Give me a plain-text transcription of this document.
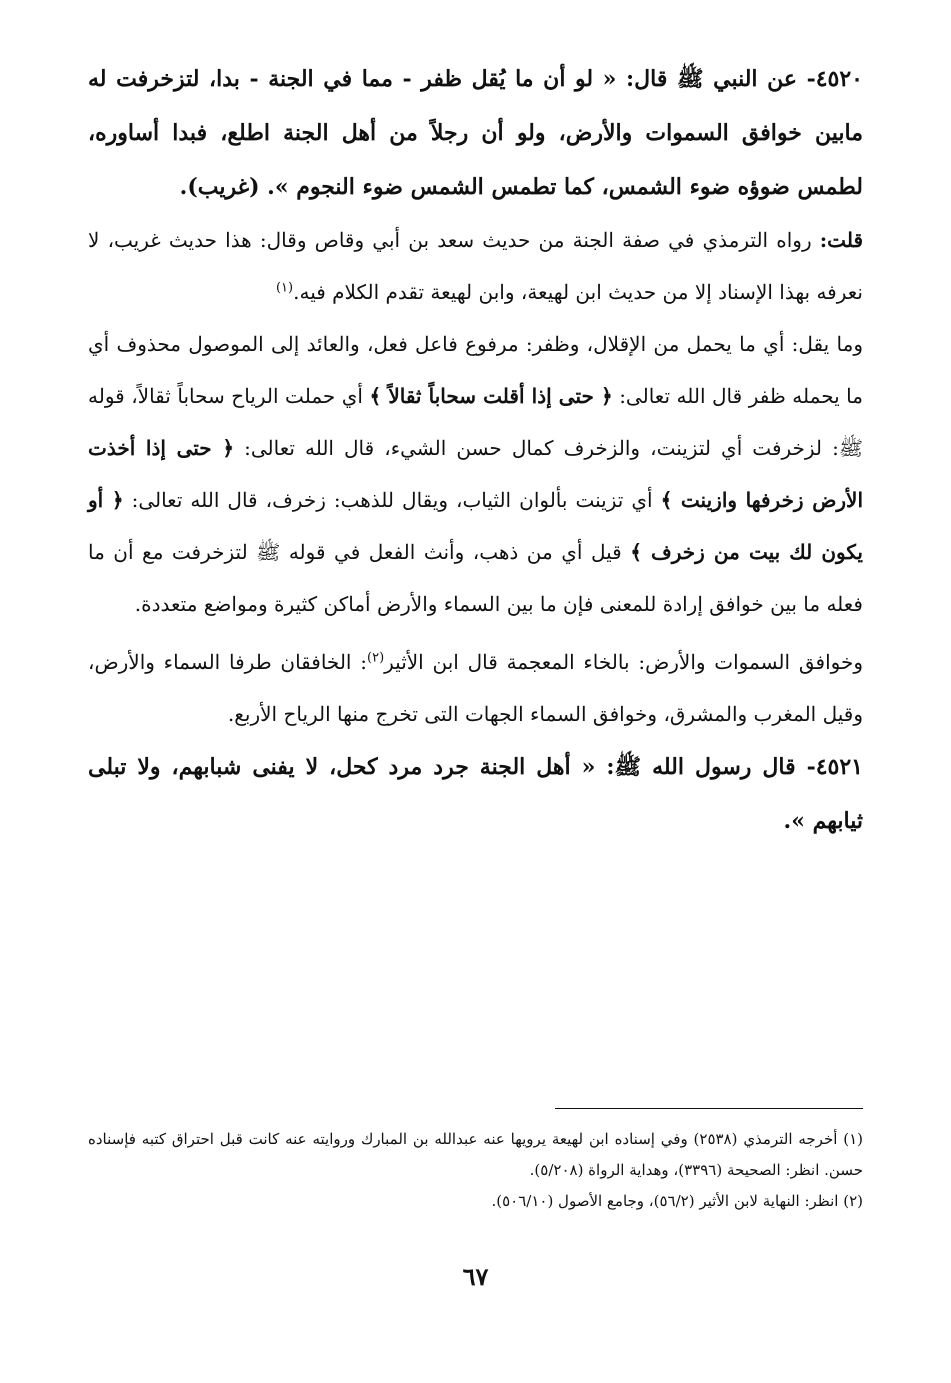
٤٥٢٠- عن النبي ﷺ قال: « لو أن ما يُقل ظفر - مما في الجنة - بدا، لتزخرفت له مابين خوافق السموات والأرض، ولو أن رجلاً من أهل الجنة اطلع، فبدا أساوره، لطمس ضوؤه ضوء الشمس، كما تطمس الشمس ضوء النجوم ». (غريب).

قلت: رواه الترمذي في صفة الجنة من حديث سعد بن أبي وقاص وقال: هذا حديث غريب، لا نعرفه بهذا الإسناد إلا من حديث ابن لهيعة، وابن لهيعة تقدم الكلام فيه.$^{(١)}$

وما يقل: أي ما يحمل من الإقلال، وظفر: مرفوع فاعل فعل، والعائد إلى الموصول محذوف أي ما يحمله ظفر قال الله تعالى: ﴿ حتى إذا أقلت سحاباً ثقالاً ﴾ أي حملت الرياح سحاباً ثقالاً، قوله ﷺ: لزخرفت أي لتزينت، والزخرف كمال حسن الشيء، قال الله تعالى: ﴿ حتى إذا أخذت الأرض زخرفها وازينت ﴾ أي تزينت بألوان الثياب، ويقال للذهب: زخرف، قال الله تعالى: ﴿ أو يكون لك بيت من زخرف ﴾ قيل أي من ذهب، وأنث الفعل في قوله ﷺ لتزخرفت مع أن ما فعله ما بين خوافق إرادة للمعنى فإن ما بين السماء والأرض أماكن كثيرة ومواضع متعددة.

وخوافق السموات والأرض: بالخاء المعجمة قال ابن الأثير$^{(٢)}$: الخافقان طرفا السماء والأرض، وقيل المغرب والمشرق، وخوافق السماء الجهات التى تخرج منها الرياح الأربع.

٤٥٢١- قال رسول الله ﷺ: « أهل الجنة جرد مرد كحل، لا يفنى شبابهم، ولا تبلى ثيابهم ».

(١) أخرجه الترمذي (٢٥٣٨) وفي إسناده ابن لهيعة يرويها عنه عبدالله بن المبارك وروايته عنه كانت قبل احتراق كتبه فإسناده حسن. انظر: الصحيحة (٣٣٩٦)، وهداية الرواة (٥/٢٠٨).

(٢) انظر: النهاية لابن الأثير (٥٦/٢)، وجامع الأصول (٥٠٦/١٠).

٦٧
